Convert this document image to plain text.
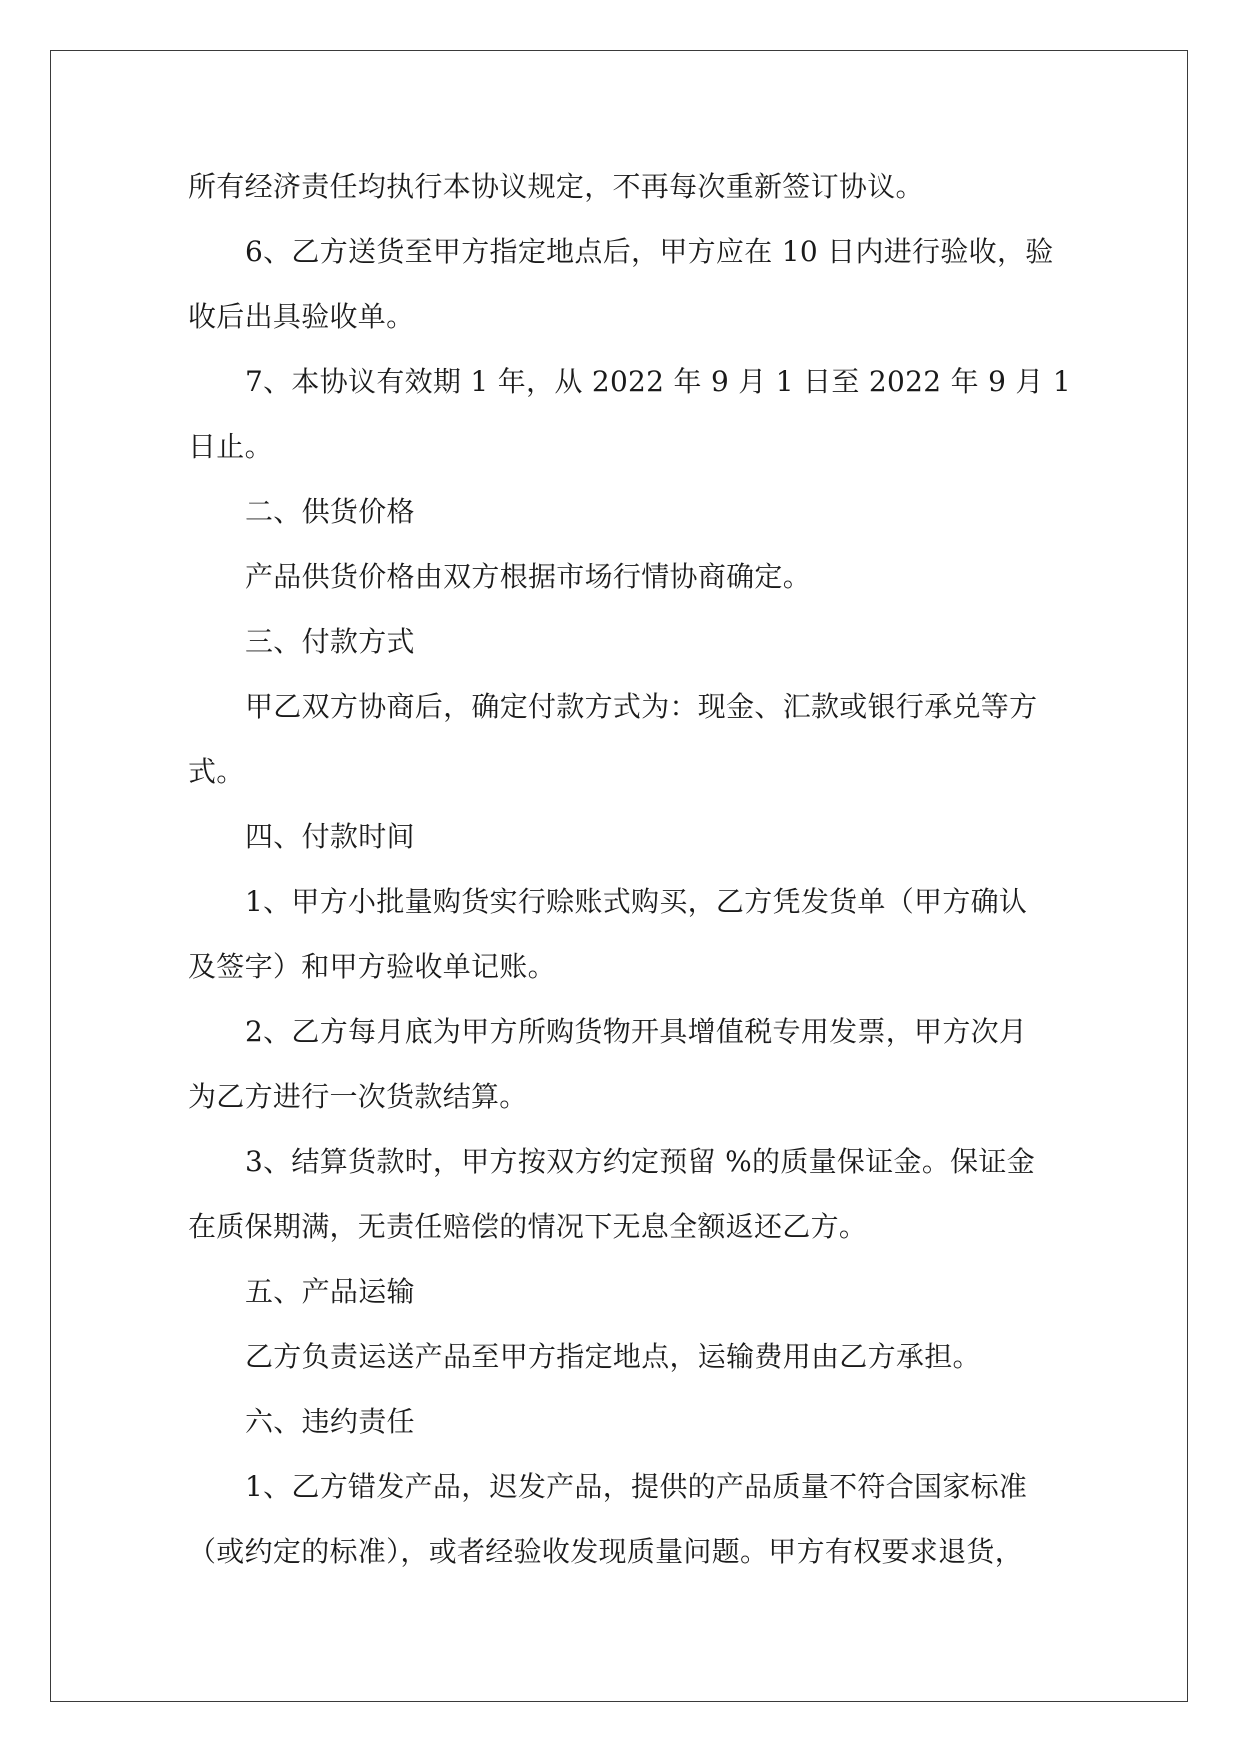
所有经济责任均执行本协议规定，不再每次重新签订协议。
6、乙方送货至甲方指定地点后，甲方应在 10 日内进行验收，验
收后出具验收单。
7、本协议有效期 1 年，从 2022 年 9 月 1 日至 2022 年 9 月 1
日止。
二、供货价格
产品供货价格由双方根据市场行情协商确定。
三、付款方式
甲乙双方协商后，确定付款方式为：现金、汇款或银行承兑等方
式。
四、付款时间
1、甲方小批量购货实行赊账式购买，乙方凭发货单（甲方确认
及签字）和甲方验收单记账。
2、乙方每月底为甲方所购货物开具增值税专用发票，甲方次月
为乙方进行一次货款结算。
3、结算货款时，甲方按双方约定预留 %的质量保证金。保证金
在质保期满，无责任赔偿的情况下无息全额返还乙方。
五、产品运输
乙方负责运送产品至甲方指定地点，运输费用由乙方承担。
六、违约责任
1、乙方错发产品，迟发产品，提供的产品质量不符合国家标准
（或约定的标准），或者经验收发现质量问题。甲方有权要求退货，
